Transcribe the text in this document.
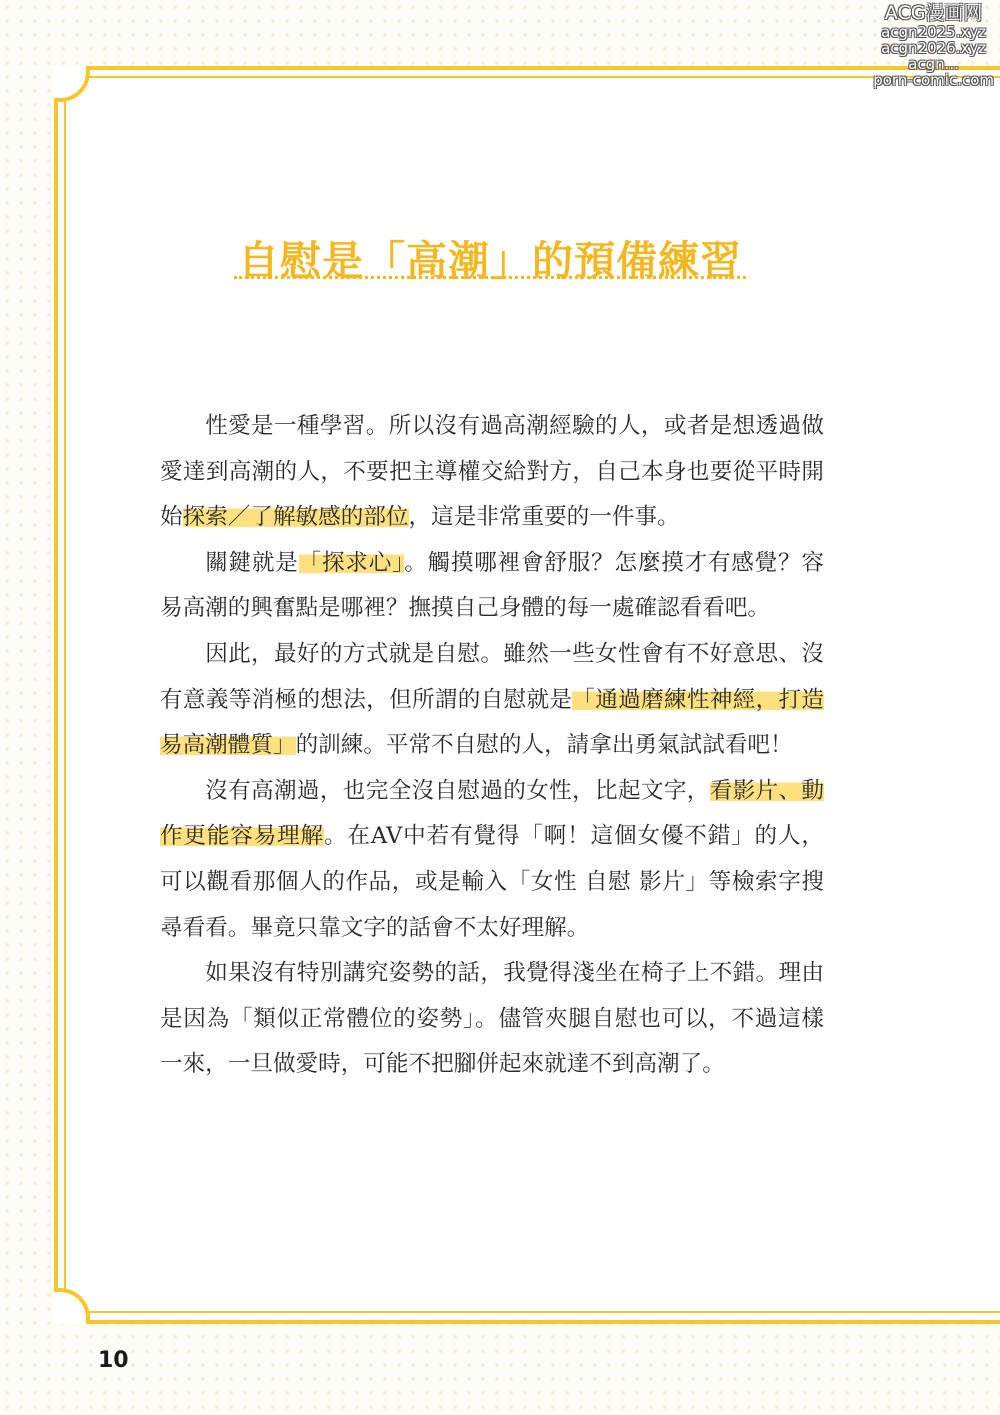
ACG漫画网
acgn2025.xyz
acgn2026.xyz
acgn...
porn-comic.com
自慰是「高潮」的預備練習

性愛是一種學習。所以沒有過高潮經驗的人，或者是想透過做愛達到高潮的人，不要把主導權交給對方，自己本身也要從平時開始探索／了解敏感的部位，這是非常重要的一件事。

關鍵就是「探求心」。觸摸哪裡會舒服？怎麼摸才有感覺？容易高潮的興奮點是哪裡？撫摸自己身體的每一處確認看看吧。

因此，最好的方式就是自慰。雖然一些女性會有不好意思、沒有意義等消極的想法，但所謂的自慰就是「通過磨練性神經，打造易高潮體質」的訓練。平常不自慰的人，請拿出勇氣試試看吧！

沒有高潮過，也完全沒自慰過的女性，比起文字，看影片、動作更能容易理解。在AV中若有覺得「啊！這個女優不錯」的人，可以觀看那個人的作品，或是輸入「女性 自慰 影片」等檢索字搜尋看看。畢竟只靠文字的話會不太好理解。

如果沒有特別講究姿勢的話，我覺得淺坐在椅子上不錯。理由是因為「類似正常體位的姿勢」。儘管夾腿自慰也可以，不過這樣一來，一旦做愛時，可能不把腳併起來就達不到高潮了。

10
